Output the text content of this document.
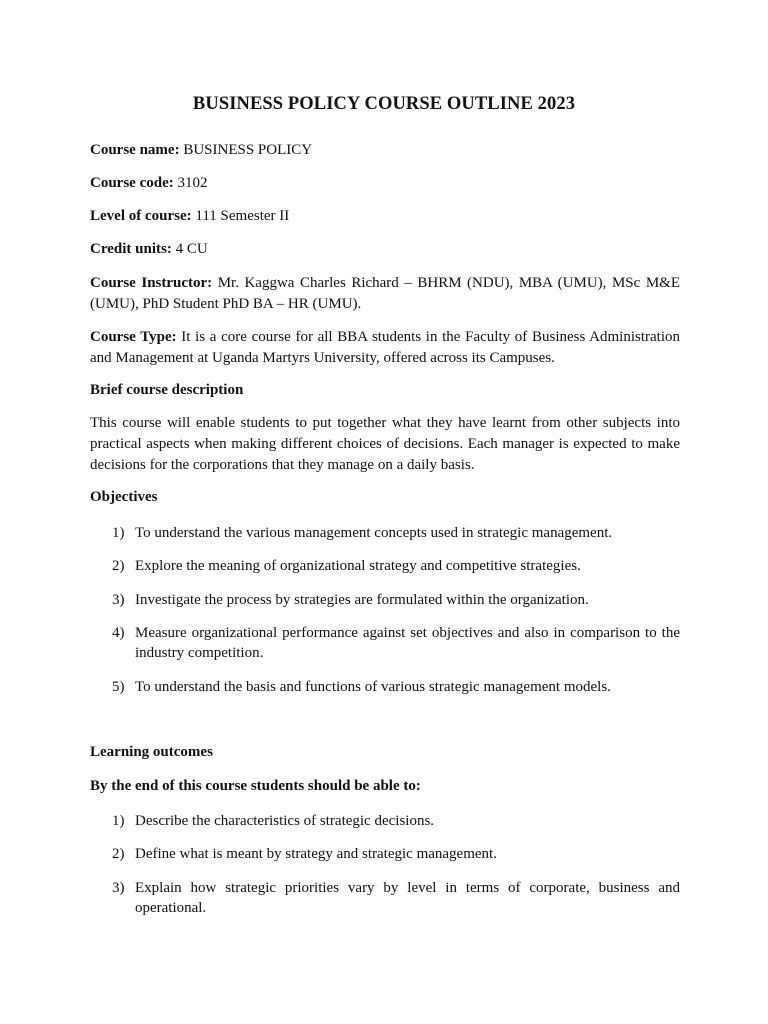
BUSINESS POLICY COURSE OUTLINE 2023
Course name: BUSINESS POLICY
Course code: 3102
Level of course: 111 Semester II
Credit units: 4 CU
Course Instructor: Mr. Kaggwa Charles Richard – BHRM (NDU), MBA (UMU), MSc M&E (UMU), PhD Student PhD BA – HR (UMU).
Course Type: It is a core course for all BBA students in the Faculty of Business Administration and Management at Uganda Martyrs University, offered across its Campuses.
Brief course description
This course will enable students to put together what they have learnt from other subjects into practical aspects when making different choices of decisions. Each manager is expected to make decisions for the corporations that they manage on a daily basis.
Objectives
1) To understand the various management concepts used in strategic management.
2) Explore the meaning of organizational strategy and competitive strategies.
3) Investigate the process by strategies are formulated within the organization.
4) Measure organizational performance against set objectives and also in comparison to the industry competition.
5) To understand the basis and functions of various strategic management models.
Learning outcomes
By the end of this course students should be able to:
1) Describe the characteristics of strategic decisions.
2) Define what is meant by strategy and strategic management.
3) Explain how strategic priorities vary by level in terms of corporate, business and operational.
